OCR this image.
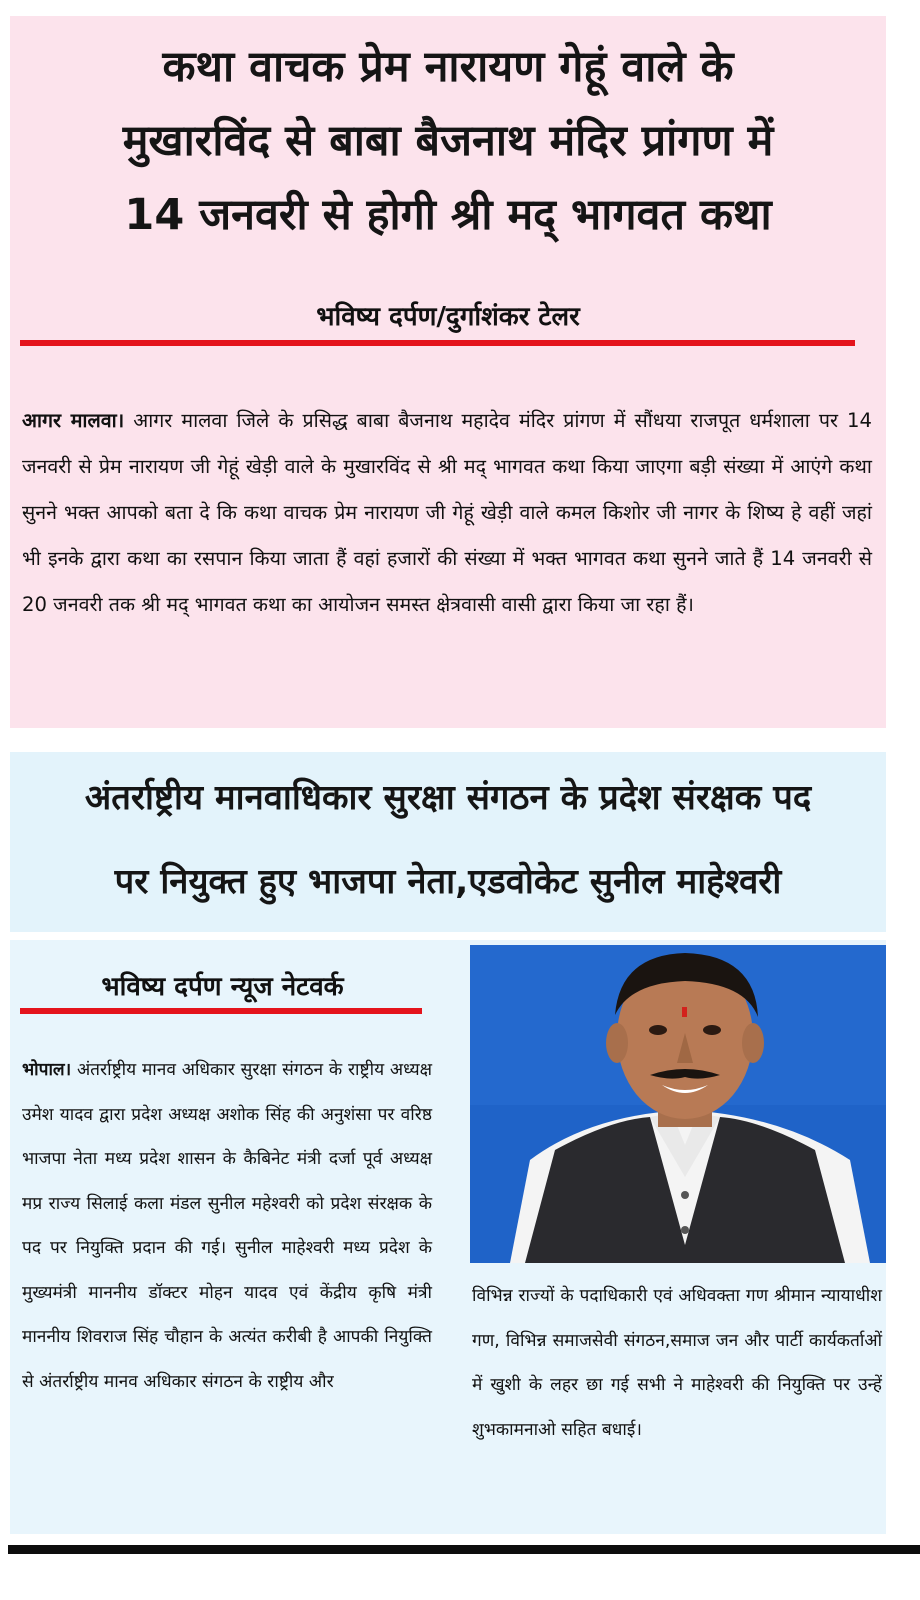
कथा वाचक प्रेम नारायण गेहूं वाले के
मुखारविंद से बाबा बैजनाथ मंदिर प्रांगण में
14 जनवरी से होगी श्री मद् भागवत कथा
भविष्य दर्पण/दुर्गाशंकर टेलर
आगर मालवा। आगर मालवा जिले के प्रसिद्ध बाबा बैजनाथ महादेव मंदिर प्रांगण में सौंधया राजपूत धर्मशाला पर 14 जनवरी से प्रेम नारायण जी गेहूं खेड़ी वाले के मुखारविंद से श्री मद् भागवत कथा किया जाएगा बड़ी संख्या में आएंगे कथा सुनने भक्त आपको बता दे कि कथा वाचक प्रेम नारायण जी गेहूं खेड़ी वाले कमल किशोर जी नागर के शिष्य हे वहीं जहां भी इनके द्वारा कथा का रसपान किया जाता हैं वहां हजारों की संख्या में भक्त भागवत कथा सुनने जाते हैं 14 जनवरी से 20 जनवरी तक श्री मद् भागवत कथा का आयोजन समस्त क्षेत्रवासी वासी द्वारा किया जा रहा हैं।
अंतर्राष्ट्रीय मानवाधिकार सुरक्षा संगठन के प्रदेश संरक्षक पद
पर नियुक्त हुए भाजपा नेता,एडवोकेट सुनील माहेश्वरी
भविष्य दर्पण न्यूज नेटवर्क
भोपाल। अंतर्राष्ट्रीय मानव अधिकार सुरक्षा संगठन के राष्ट्रीय अध्यक्ष उमेश यादव द्वारा प्रदेश अध्यक्ष अशोक सिंह की अनुशंसा पर वरिष्ठ भाजपा नेता मध्य प्रदेश शासन के कैबिनेट मंत्री दर्जा पूर्व अध्यक्ष मप्र राज्य सिलाई कला मंडल सुनील महेश्वरी को प्रदेश संरक्षक के पद पर नियुक्ति प्रदान की गई। सुनील माहेश्वरी मध्य प्रदेश के मुख्यमंत्री माननीय डॉक्टर मोहन यादव एवं केंद्रीय कृषि मंत्री माननीय शिवराज सिंह चौहान के अत्यंत करीबी है आपकी नियुक्ति से अंतर्राष्ट्रीय मानव अधिकार संगठन के राष्ट्रीय और
विभिन्न राज्यों के पदाधिकारी एवं अधिवक्ता गण श्रीमान न्यायाधीश गण, विभिन्न समाजसेवी संगठन,समाज जन और पार्टी कार्यकर्ताओं में खुशी के लहर छा गई सभी ने माहेश्वरी की नियुक्ति पर उन्हें शुभकामनाओ सहित बधाई।
